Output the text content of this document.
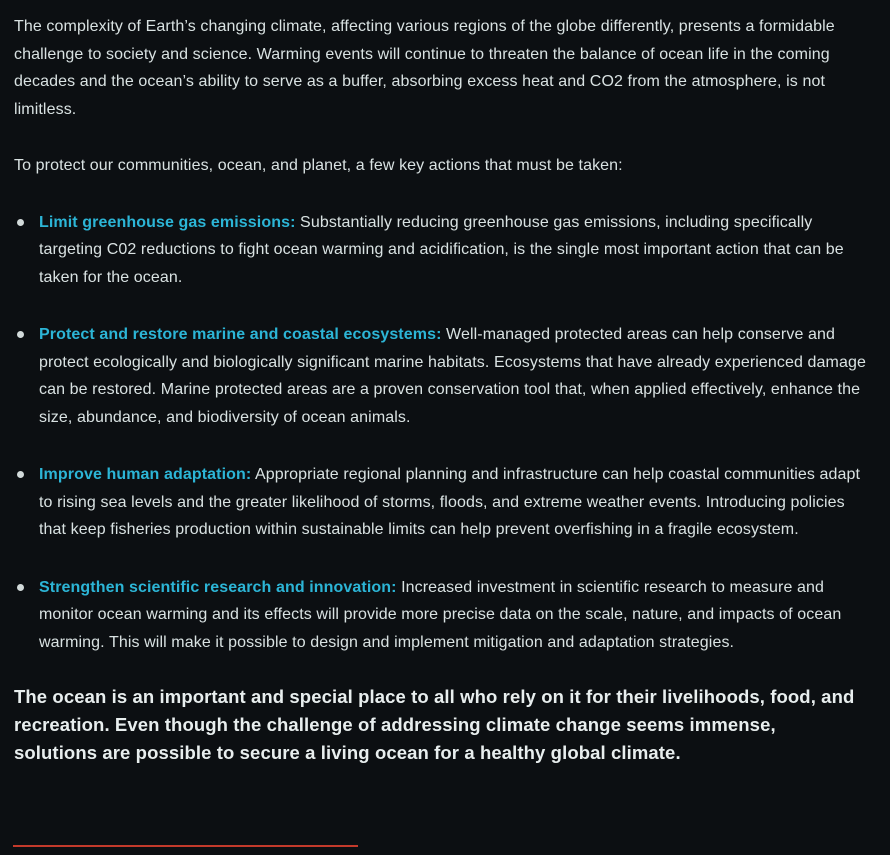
The complexity of Earth’s changing climate, affecting various regions of the globe differently, presents a formidable challenge to society and science. Warming events will continue to threaten the balance of ocean life in the coming decades and the ocean’s ability to serve as a buffer, absorbing excess heat and CO2 from the atmosphere, is not limitless.

To protect our communities, ocean, and planet, a few key actions that must be taken:

Limit greenhouse gas emissions: Substantially reducing greenhouse gas emissions, including specifically targeting C02 reductions to fight ocean warming and acidification, is the single most important action that can be taken for the ocean.
Protect and restore marine and coastal ecosystems: Well-managed protected areas can help conserve and protect ecologically and biologically significant marine habitats. Ecosystems that have already experienced damage can be restored. Marine protected areas are a proven conservation tool that, when applied effectively, enhance the size, abundance, and biodiversity of ocean animals.
Improve human adaptation: Appropriate regional planning and infrastructure can help coastal communities adapt to rising sea levels and the greater likelihood of storms, floods, and extreme weather events. Introducing policies that keep fisheries production within sustainable limits can help prevent overfishing in a fragile ecosystem.
Strengthen scientific research and innovation: Increased investment in scientific research to measure and monitor ocean warming and its effects will provide more precise data on the scale, nature, and impacts of ocean warming. This will make it possible to design and implement mitigation and adaptation strategies.

The ocean is an important and special place to all who rely on it for their livelihoods, food, and recreation. Even though the challenge of addressing climate change seems immense, solutions are possible to secure a living ocean for a healthy global climate.
